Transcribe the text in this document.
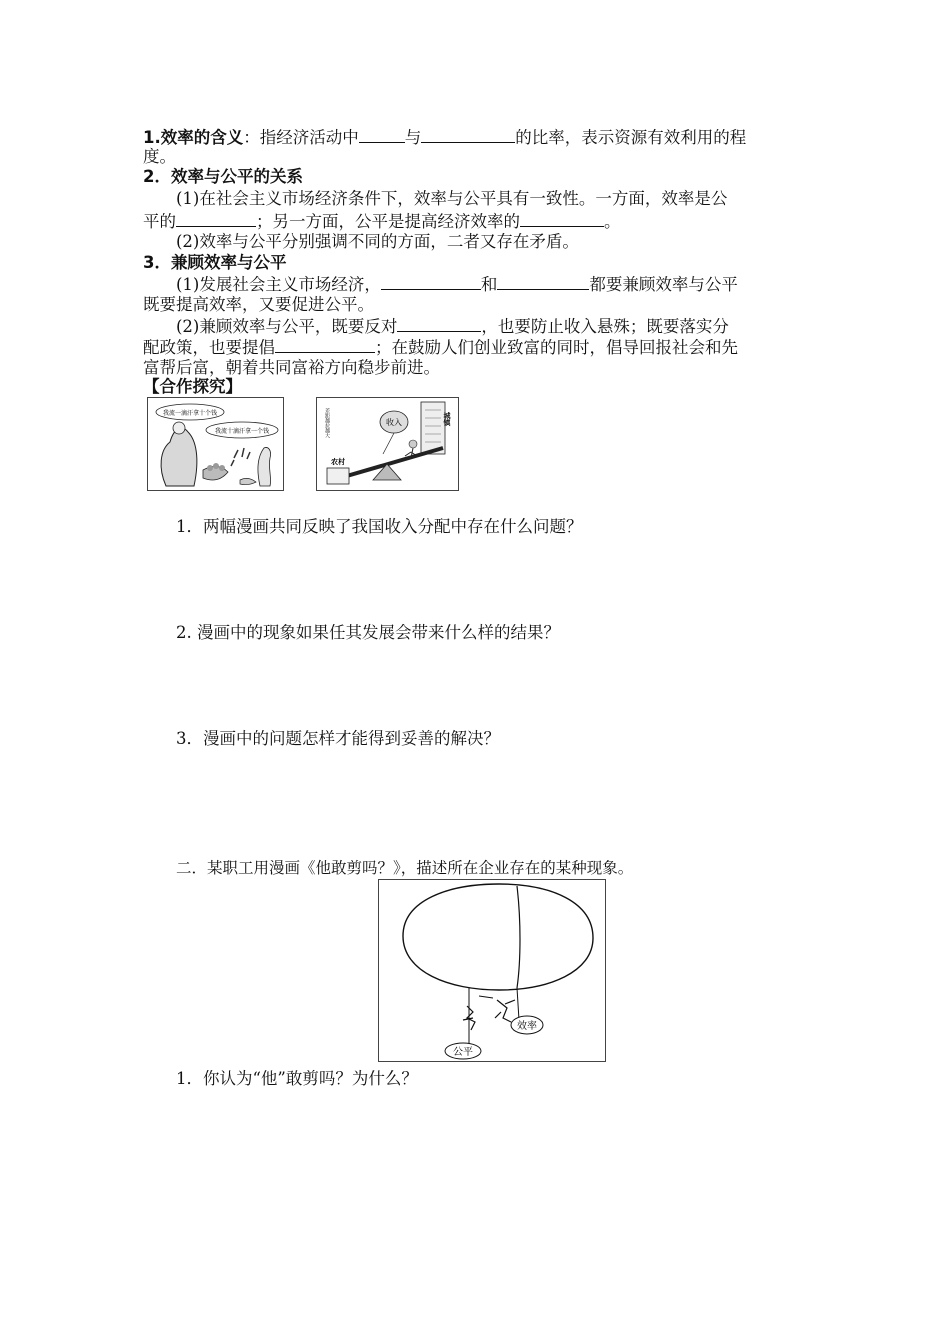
1.效率的含义：指经济活动中	与	的比率，表示资源有效利用的程
度。
2．效率与公平的关系
(1)在社会主义市场经济条件下，效率与公平具有一致性。一方面，效率是公
平的	；另一方面，公平是提高经济效率的	。
(2)效率与公平分别强调不同的方面，二者又存在矛盾。
3．兼顾效率与公平
(1)发展社会主义市场经济，	和	都要兼顾效率与公平
既要提高效率，又要促进公平。
(2)兼顾效率与公平，既要反对	，也要防止收入悬殊；既要落实分
配政策，也要提倡	；在鼓励人们创业致富的同时，倡导回报社会和先
富帮后富，朝着共同富裕方向稳步前进。
【合作探究】
我流一滴汗拿十个钱
我流十滴汗拿一个钱	差距越拉越大	城镇
收入
农村
1．两幅漫画共同反映了我国收入分配中存在什么问题？
2. 漫画中的现象如果任其发展会带来什么样的结果？
3．漫画中的问题怎样才能得到妥善的解决？
二．某职工用漫画《他敢剪吗？》，描述所在企业存在的某种现象。
效率
公平
1．你认为“他”敢剪吗？为什么？
